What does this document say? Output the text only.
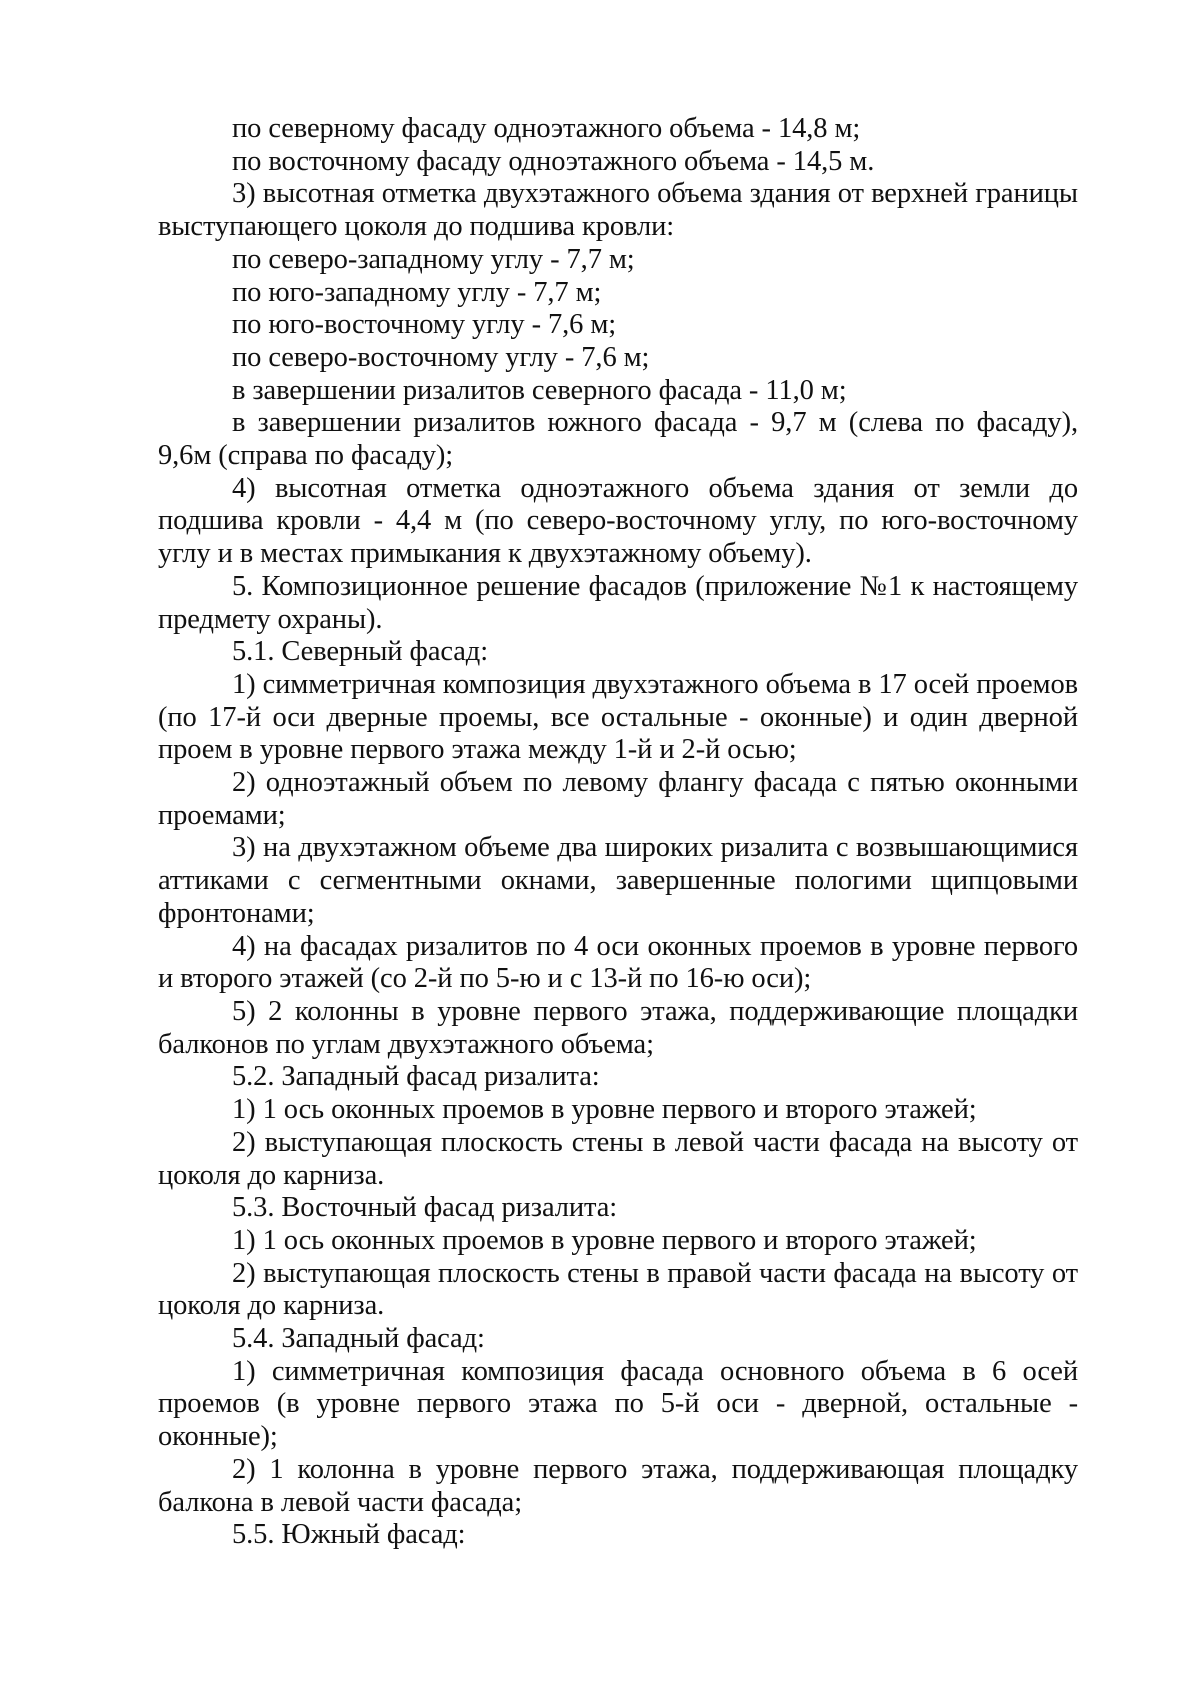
по северному фасаду одноэтажного объема - 14,8 м;

по восточному фасаду одноэтажного объема - 14,5 м.

3) высотная отметка двухэтажного объема здания от верхней границы выступающего цоколя до подшива кровли:

по северо-западному углу - 7,7 м;

по юго-западному углу - 7,7 м;

по юго-восточному углу - 7,6 м;

по северо-восточному углу - 7,6 м;

в завершении ризалитов северного фасада - 11,0 м;

в завершении ризалитов южного фасада - 9,7 м (слева по фасаду), 9,6м (справа по фасаду);

4) высотная отметка одноэтажного объема здания от земли до подшива кровли - 4,4 м (по северо-восточному углу, по юго-восточному углу и в местах примыкания к двухэтажному объему).

5. Композиционное решение фасадов (приложение №1 к настоящему предмету охраны).

5.1. Северный фасад:

1) симметричная композиция двухэтажного объема в 17 осей проемов (по 17-й оси дверные проемы, все остальные - оконные) и один дверной проем в уровне первого этажа между 1-й и 2-й осью;

2) одноэтажный объем по левому флангу фасада с пятью оконными проемами;

3) на двухэтажном объеме два широких ризалита с возвышающимися аттиками с сегментными окнами, завершенные пологими щипцовыми фронтонами;

4) на фасадах ризалитов по 4 оси оконных проемов в уровне первого и второго этажей (со 2-й по 5-ю и с 13-й по 16-ю оси);

5) 2 колонны в уровне первого этажа, поддерживающие площадки балконов по углам двухэтажного объема;

5.2. Западный фасад ризалита:

1) 1 ось оконных проемов в уровне первого и второго этажей;

2) выступающая плоскость стены в левой части фасада на высоту от цоколя до карниза.

5.3. Восточный фасад ризалита:

1) 1 ось оконных проемов в уровне первого и второго этажей;

2) выступающая плоскость стены в правой части фасада на высоту от цоколя до карниза.

5.4. Западный фасад:

1) симметричная композиция фасада основного объема в 6 осей проемов (в уровне первого этажа по 5-й оси - дверной, остальные - оконные);

2) 1 колонна в уровне первого этажа, поддерживающая площадку балкона в левой части фасада;

5.5. Южный фасад:
